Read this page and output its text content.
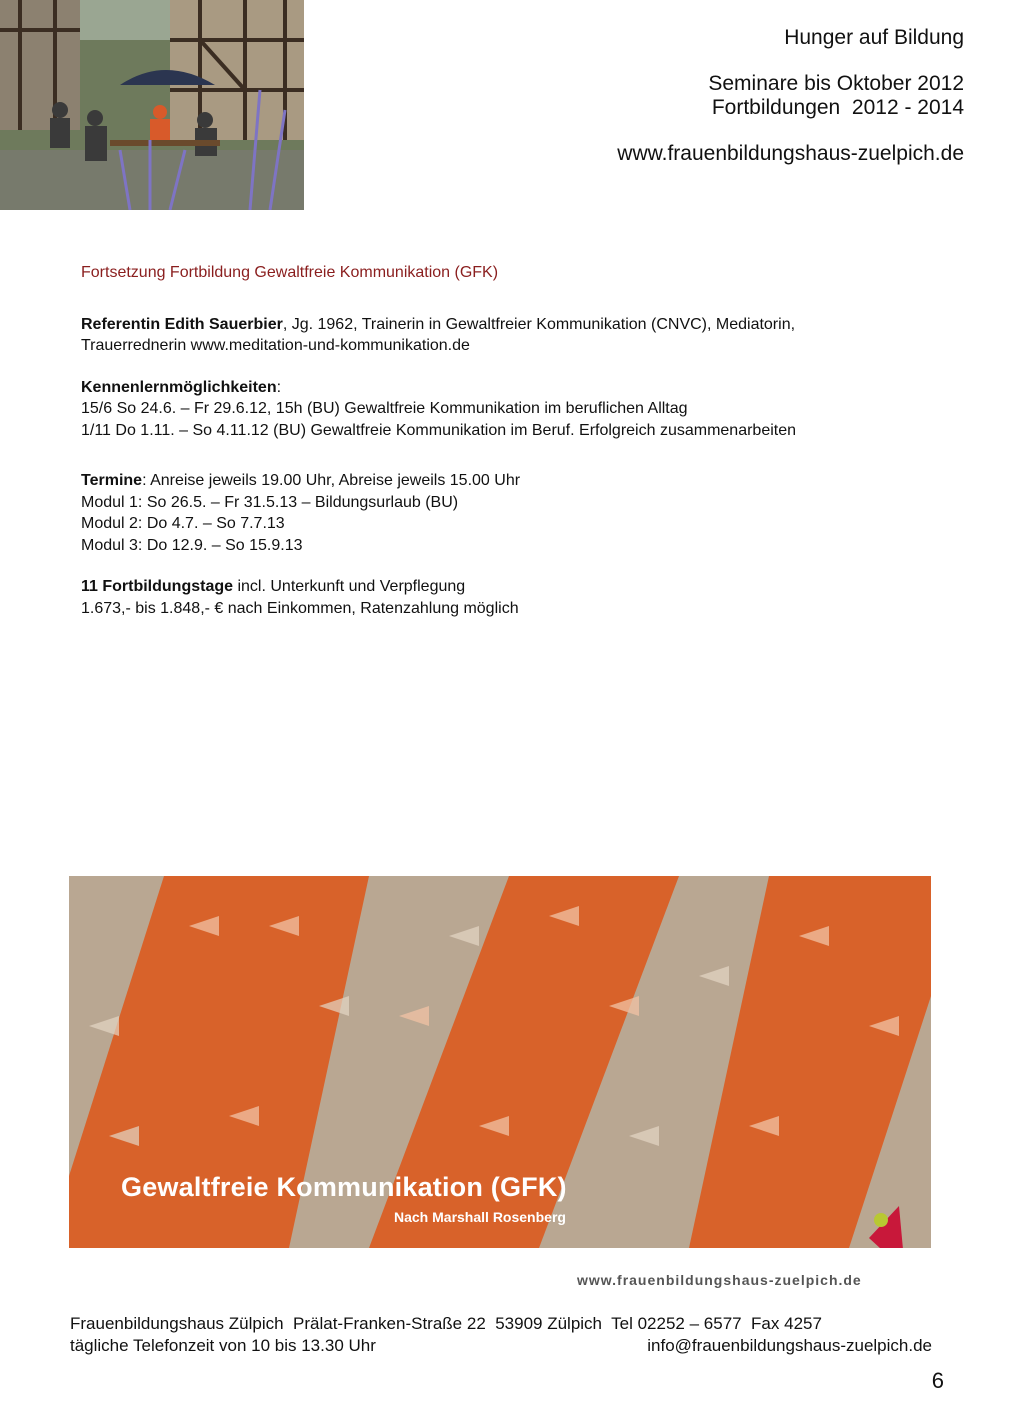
Hunger auf Bildung
Seminare bis Oktober 2012
Fortbildungen  2012 - 2014
www.frauenbildungshaus-zuelpich.de

Fortsetzung Fortbildung Gewaltfreie Kommunikation (GFK)

Referentin Edith Sauerbier, Jg. 1962, Trainerin in Gewaltfreier Kommunikation (CNVC), Mediatorin,

Trauerrednerin www.meditation-und-kommunikation.de

Kennenlernmöglichkeiten:

15/6 So 24.6. – Fr 29.6.12, 15h (BU) Gewaltfreie Kommunikation im beruflichen Alltag

1/11 Do 1.11. – So 4.11.12 (BU) Gewaltfreie Kommunikation im Beruf. Erfolgreich zusammenarbeiten

Termine: Anreise jeweils 19.00 Uhr, Abreise jeweils 15.00 Uhr

Modul 1: So 26.5. – Fr 31.5.13 – Bildungsurlaub (BU)

Modul 2: Do 4.7. – So 7.7.13

Modul 3: Do 12.9. – So 15.9.13

11 Fortbildungstage incl. Unterkunft und Verpflegung

1.673,- bis 1.848,- € nach Einkommen, Ratenzahlung möglich

Gewaltfreie Kommunikation (GFK)
Nach Marshall Rosenberg
www.frauenbildungshaus-zuelpich.de
Frauenbildungshaus Zülpich  Prälat-Franken-Straße 22  53909 Zülpich  Tel 02252 – 6577  Fax 4257
tägliche Telefonzeit von 10 bis 13.30 Uhr	info@frauenbildungshaus-zuelpich.de
6
